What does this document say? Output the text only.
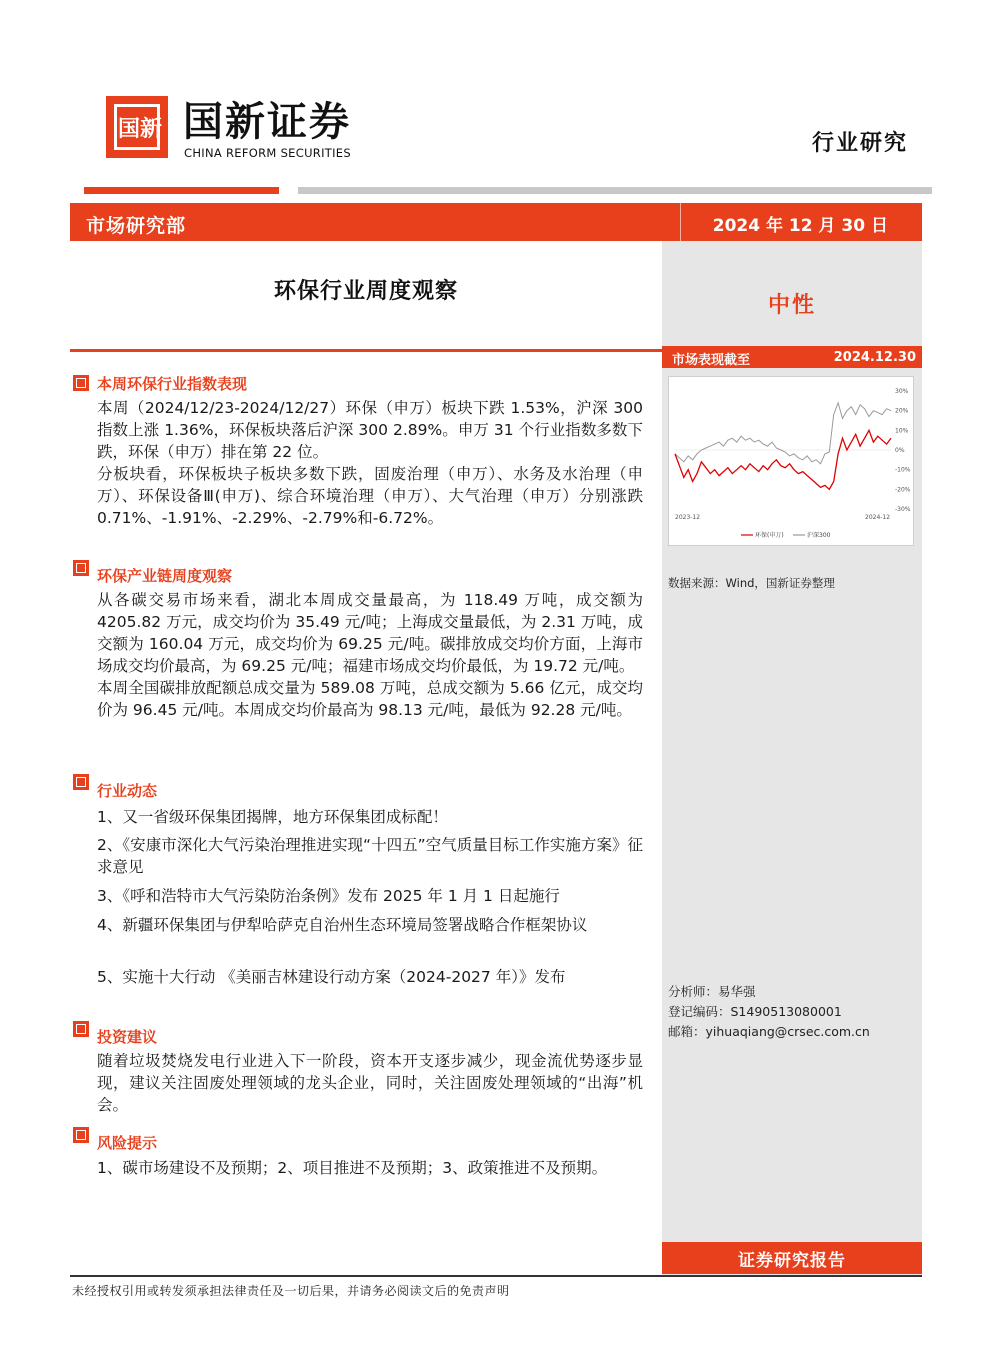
国新 国新证券
CHINA REFORM SECURITIES	行业研究
市场研究部	2024 年 12 月 30 日
环保行业周度观察
中性
市场表现截至	2024.12.30
30%
20%
10%
0%
-10%
-20%
-30%
2023-12	2024-12
环保(申万)	沪深300
数据来源：Wind，国新证券整理
分析师：易华强
登记编码：S1490513080001
邮箱：yihuaqiang@crsec.com.cn
证券研究报告
本周环保行业指数表现
本周（2024/12/23-2024/12/27）环保（申万）板块下跌 1.53%，沪深 300 指数上涨 1.36%，环保板块落后沪深 300 2.89%。申万 31 个行业指数多数下跌，环保（申万）排在第 22 位。
分板块看，环保板块子板块多数下跌，固废治理（申万）、水务及水治理（申万）、环保设备Ⅲ(申万)、综合环境治理（申万）、大气治理（申万）分别涨跌 0.71%、-1.91%、-2.29%、-2.79%和-6.72%。
环保产业链周度观察
从各碳交易市场来看，湖北本周成交量最高，为 118.49 万吨，成交额为 4205.82 万元，成交均价为 35.49 元/吨；上海成交量最低，为 2.31 万吨，成交额为 160.04 万元，成交均价为 69.25 元/吨。碳排放成交均价方面，上海市场成交均价最高，为 69.25 元/吨；福建市场成交均价最低，为 19.72 元/吨。
本周全国碳排放配额总成交量为 589.08 万吨，总成交额为 5.66 亿元，成交均价为 96.45 元/吨。本周成交均价最高为 98.13 元/吨，最低为 92.28 元/吨。
行业动态
1、又一省级环保集团揭牌，地方环保集团成标配！
2、《安康市深化大气污染治理推进实现“十四五”空气质量目标工作实施方案》征求意见
3、《呼和浩特市大气污染防治条例》发布 2025 年 1 月 1 日起施行
4、新疆环保集团与伊犁哈萨克自治州生态环境局签署战略合作框架协议
5、实施十大行动 《美丽吉林建设行动方案（2024-2027 年）》发布
投资建议
随着垃圾焚烧发电行业进入下一阶段，资本开支逐步减少，现金流优势逐步显现，建议关注固废处理领域的龙头企业，同时，关注固废处理领域的“出海”机会。
风险提示
1、碳市场建设不及预期；2、项目推进不及预期；3、政策推进不及预期。
未经授权引用或转发须承担法律责任及一切后果，并请务必阅读文后的免责声明
